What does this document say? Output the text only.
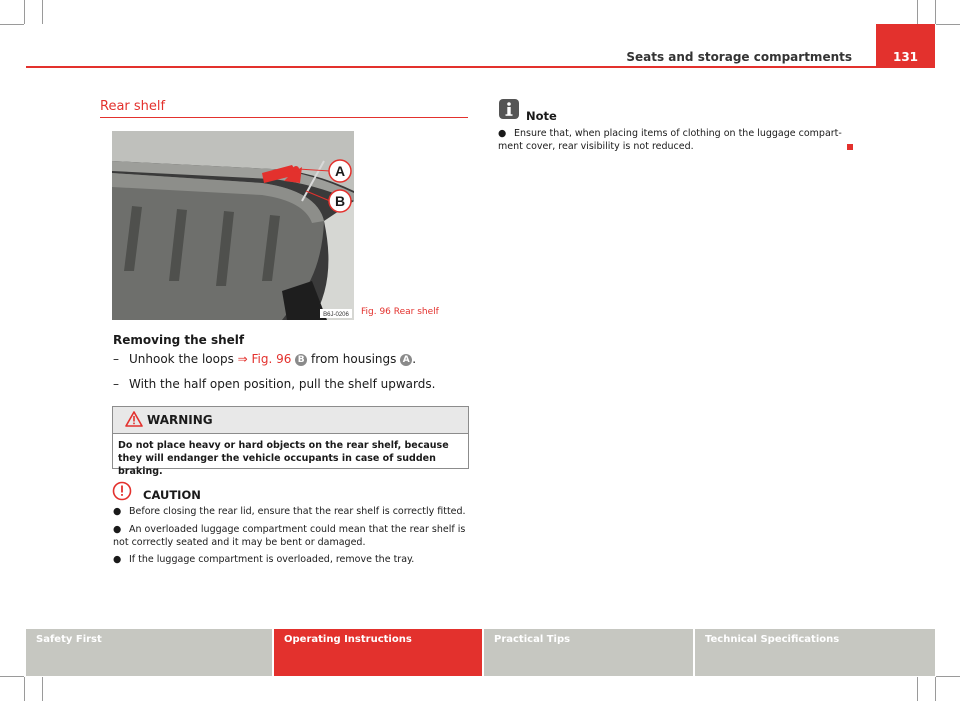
Seats and storage compartments	131
Rear shelf
A
B
B6J-0206 Fig. 96 Rear shelf
Removing the shelf
– Unhook the loops ⇒ Fig. 96 B from housings A .
– With the half open position, pull the shelf upwards.
WARNING
Do not place heavy or hard objects on the rear shelf, because they will endanger the vehicle occupants in case of sudden braking.
CAUTION
● Before closing the rear lid, ensure that the rear shelf is correctly fitted.
● An overloaded luggage compartment could mean that the rear shelf is not correctly seated and it may be bent or damaged.
● If the luggage compartment is overloaded, remove the tray.
Note
● Ensure that, when placing items of clothing on the luggage compartment cover, rear visibility is not reduced.
Safety First	Operating Instructions	Practical Tips	Technical Specifications
